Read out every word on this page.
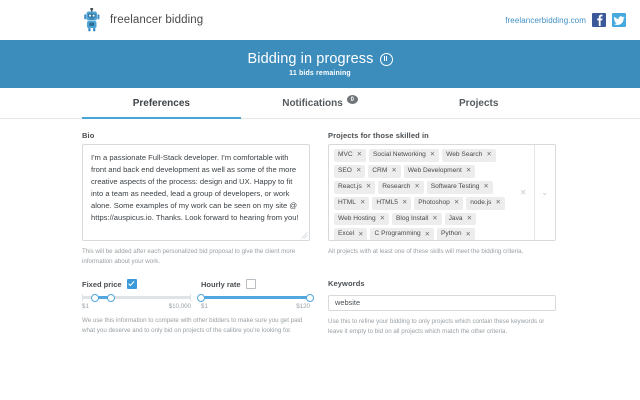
freelancer bidding	freelancerbidding.com
Bidding in progress
11 bids remaining
Preferences	Notifications	0	Projects
Bio
I'm a passionate Full-Stack developer. I'm comfortable with front and back end development as well as some of the more creative aspects of the process: design and UX. Happy to fit into a team as needed, lead a group of developers, or work alone. Some examples of my work can be seen on my site @ https://auspicus.io. Thanks. Look forward to hearing from you!
This will be added after each personalized bid proposal to give the client more information about your work.
Projects for those skilled in
MVC ✕ Social Networking ✕ Web Search ✕
SEO ✕ CRM ✕ Web Development ✕
React.js ✕ Research ✕ Software Testing ✕
HTML ✕ HTML5 ✕ Photoshop ✕ node.js ✕
Web Hosting ✕ Blog Install ✕ Java ✕
Excel ✕ C Programming ✕ Python ✕
✕	⌄
All projects with at least one of these skills will meet the bidding criteria.
Fixed price
$1	$10,000
Hourly rate
$1	$120
We use this information to compete with other bidders to make sure you get paid what you deserve and to only bid on projects of the calibre you're looking for.
Keywords
website
Use this to refine your bidding to only projects which contain these keywords or leave it empty to bid on all projects which match the other criteria.
